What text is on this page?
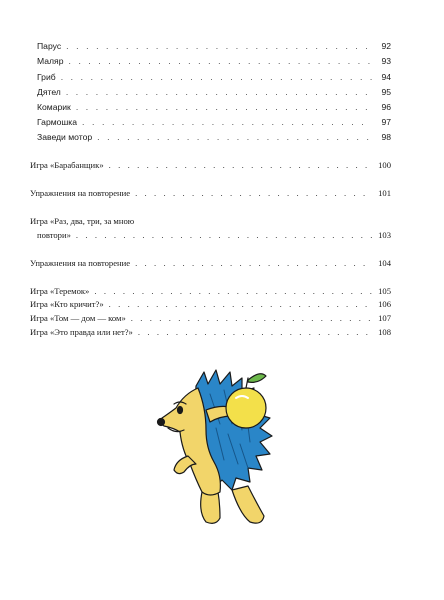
Парус . . .	92
Маляр . . .	93
Гриб . . .	94
Дятел . . .	95
Комарик . . .	96
Гармошка . . .	97
Заведи мотор . . .	98
Игра «Барабанщик» . . .	100
Упражнения на повторение . . .	101
Игра «Раз, два, три, за мною
повтори» . . .	103
Упражнения на повторение . . .	104
Игра «Теремок» . . .	105
Игра «Кто кричит?» . . .	106
Игра «Том — дом — ком» . . .	107
Игра «Это правда или нет?» . . .	108
